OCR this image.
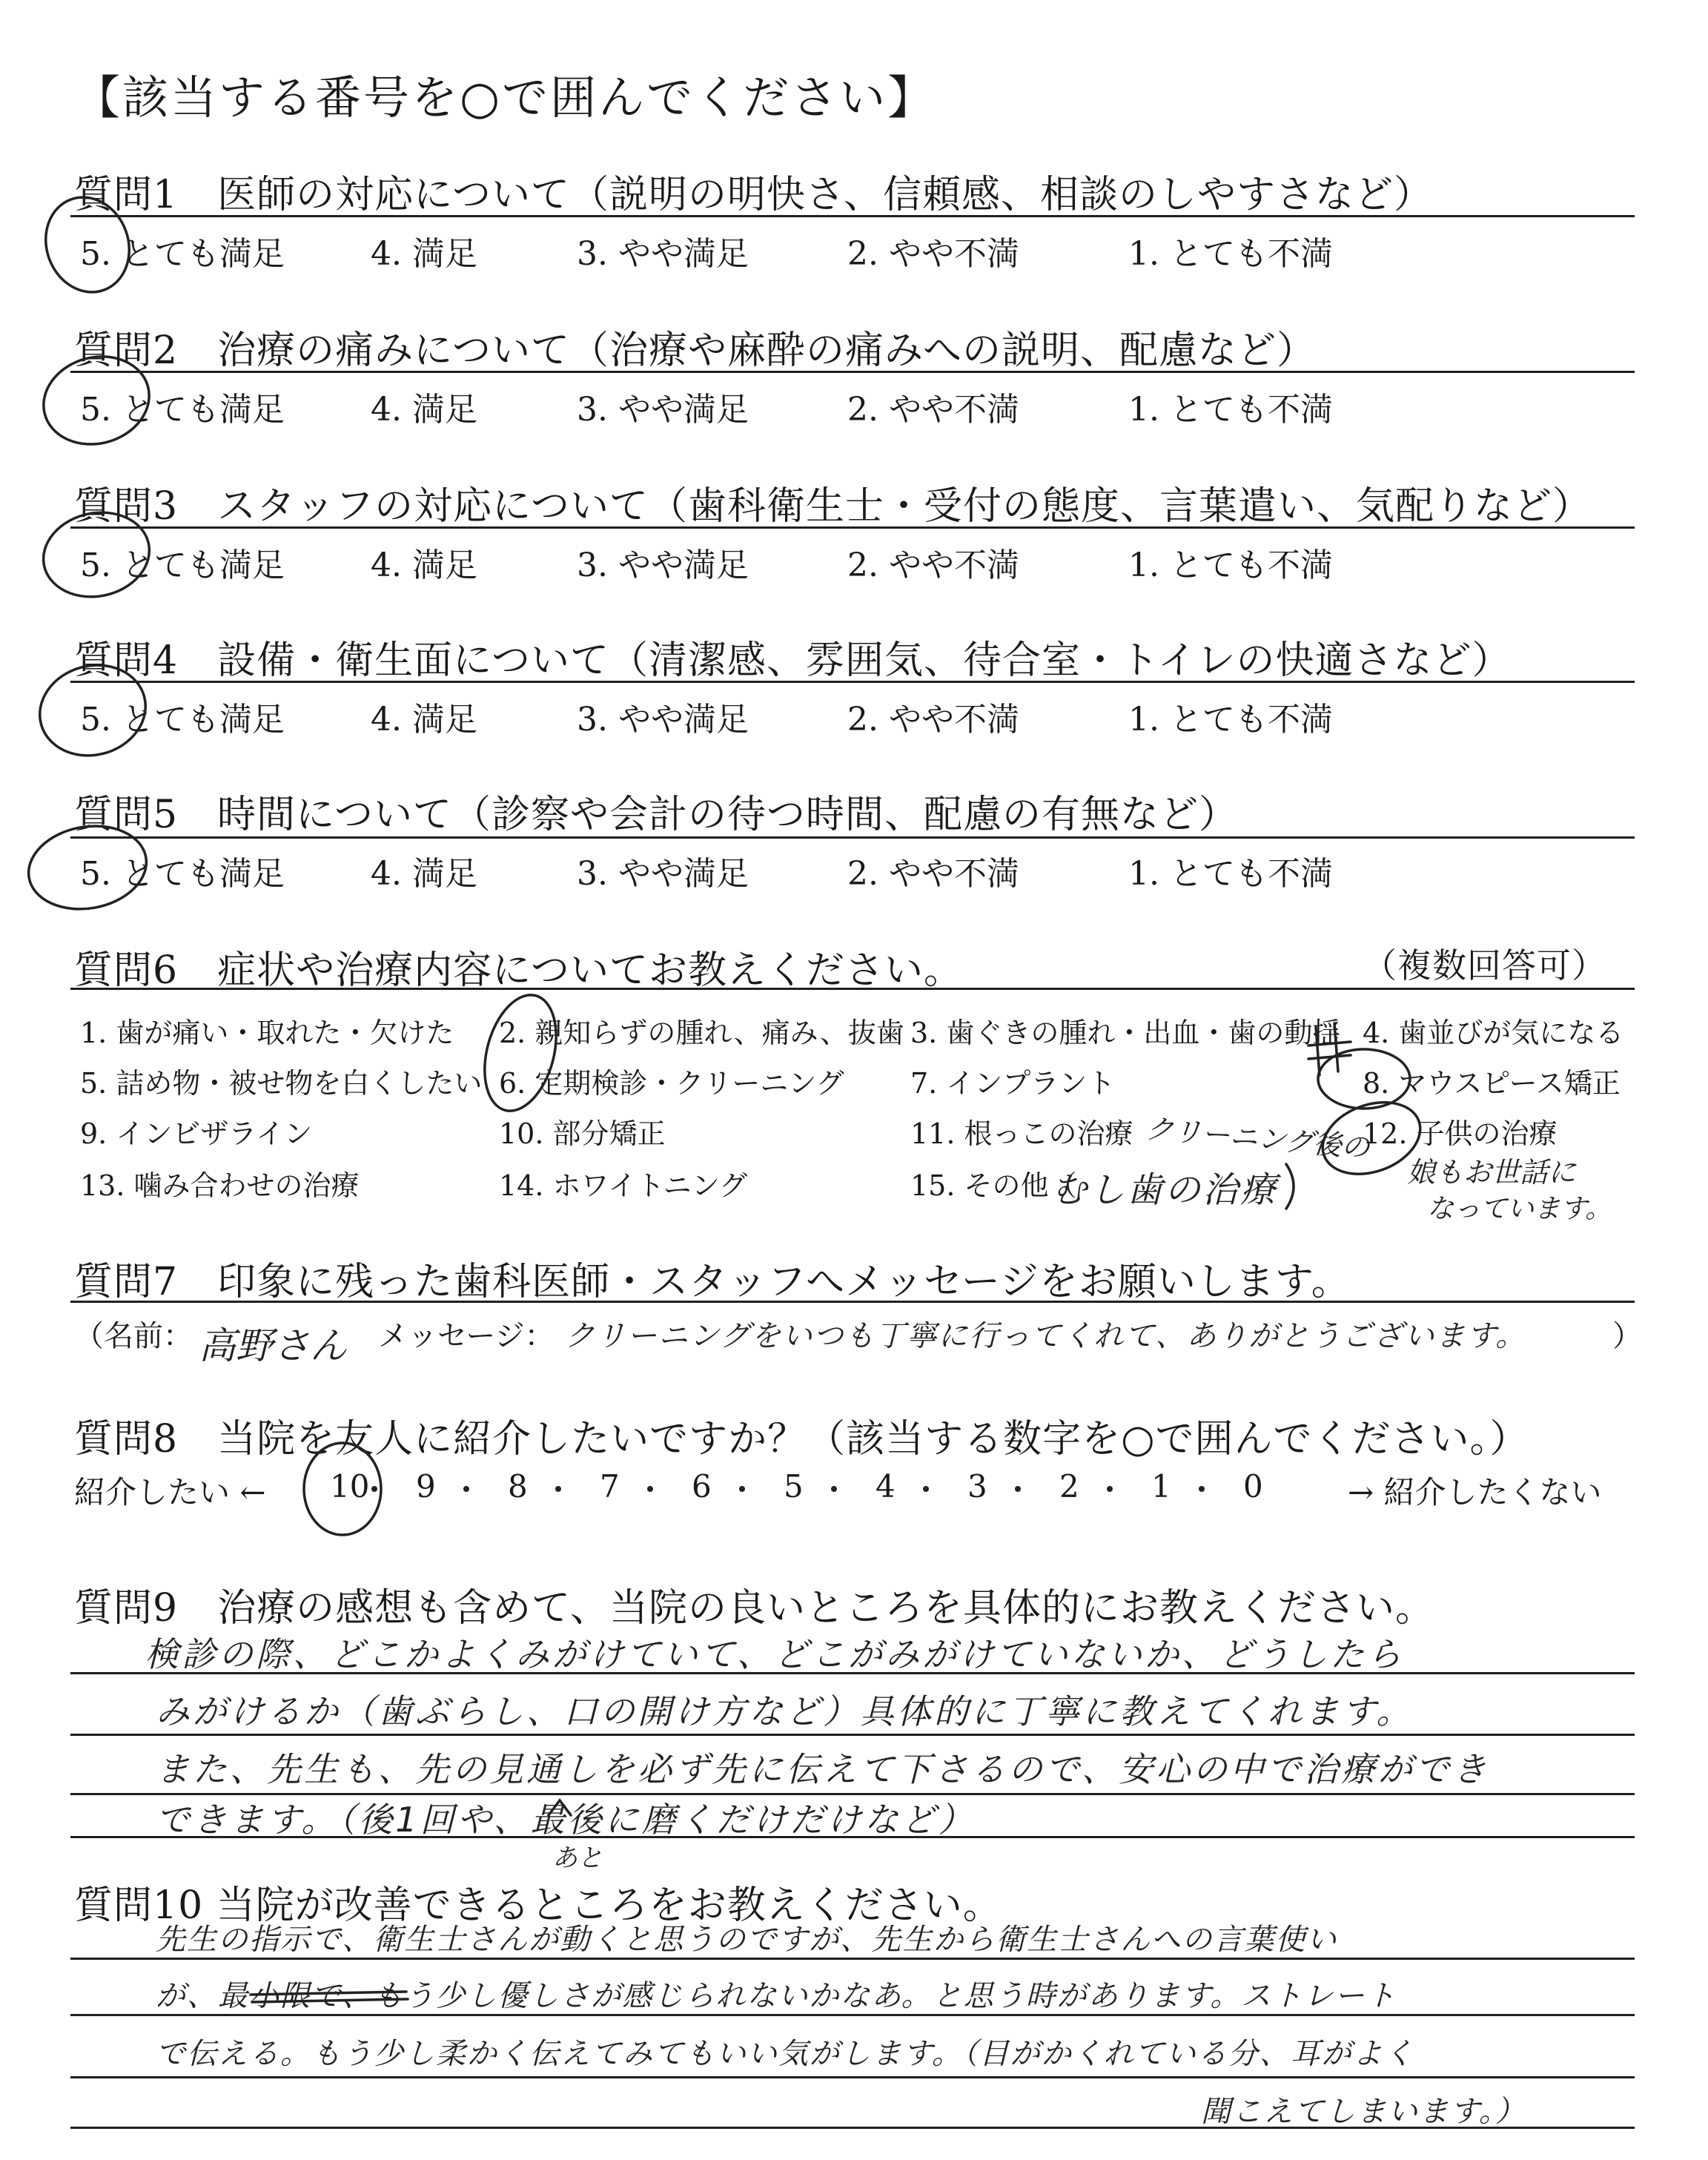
【該当する番号を○で囲んでください】
質問1　医師の対応について（説明の明快さ、信頼感、相談のしやすさなど）
5. とても満足	4. 満足	3. やや満足	2. やや不満	1. とても不満
質問2　治療の痛みについて（治療や麻酔の痛みへの説明、配慮など）
5. とても満足	4. 満足	3. やや満足	2. やや不満	1. とても不満
質問3　スタッフの対応について（歯科衛生士・受付の態度、言葉遣い、気配りなど）
5. とても満足	4. 満足	3. やや満足	2. やや不満	1. とても不満
質問4　設備・衛生面について（清潔感、雰囲気、待合室・トイレの快適さなど）
5. とても満足	4. 満足	3. やや満足	2. やや不満	1. とても不満
質問5　時間について（診察や会計の待つ時間、配慮の有無など）
5. とても満足	4. 満足	3. やや満足	2. やや不満	1. とても不満
質問6　症状や治療内容についてお教えください。	（複数回答可）
1. 歯が痛い・取れた・欠けた 2. 親知らずの腫れ、痛み、抜歯 3. 歯ぐきの腫れ・出血・歯の動揺 4. 歯並びが気になる
5. 詰め物・被せ物を白くしたい 6. 定期検診・クリーニング 7. インプラント	8. マウスピース矯正
9. インビザライン	10. 部分矯正	11. 根っこの治療	12. 子供の治療
13. 噛み合わせの治療	14. ホワイトニング	15. その他（
クリーニング後の
むし歯の治療	娘もお世話に
なっています。
質問7　印象に残った歯科医師・スタッフへメッセージをお願いします。
（名前： 高野さん メッセージ： クリーニングをいつも丁寧に行ってくれて、ありがとうございます。	）
質問8　当院を友人に紹介したいですか？（該当する数字を○で囲んでください。）
紹介したい ←	→ 紹介したくない
10 9 8 7 6 5 4 3 2 1 0
質問9　治療の感想も含めて、当院の良いところを具体的にお教えください。
検診の際、どこかよくみがけていて、どこがみがけていないか、どうしたら
みがけるか（歯ぶらし、口の開け方など）具体的に丁寧に教えてくれます。
また、先生も、先の見通しを必ず先に伝えて下さるので、安心の中で治療ができ
できます。（後1回や、最後に磨くだけだけなど）
あと
質問10 当院が改善できるところをお教えください。
先生の指示で、衛生士さんが動くと思うのですが、先生から衛生士さんへの言葉使い
が、最小限で、もう少し優しさが感じられないかなあ。と思う時があります。ストレート
で伝える。もう少し柔かく伝えてみてもいい気がします。（目がかくれている分、耳がよく
聞こえてしまいます。）
